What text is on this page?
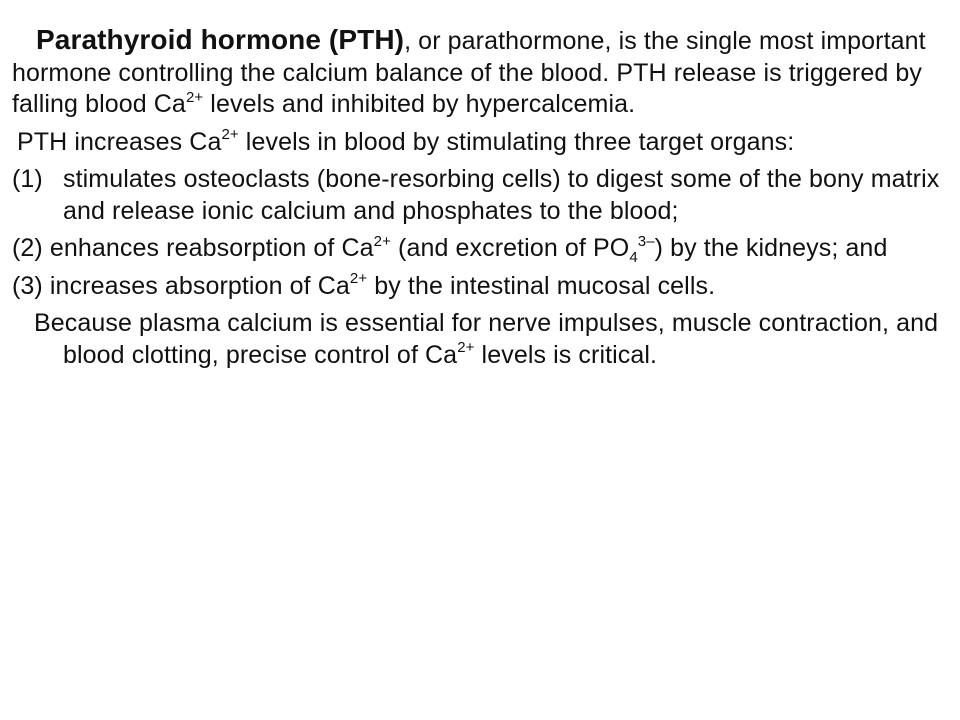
Parathyroid hormone (PTH), or parathormone, is the single most important hormone controlling the calcium balance of the blood. PTH release is triggered by falling blood $Ca^{2+}$ levels and inhibited by hypercalcemia.

PTH increases $Ca^{2+}$ levels in blood by stimulating three target organs:

(1) stimulates osteoclasts (bone-resorbing cells) to digest some of the bony matrix and release ionic calcium and phosphates to the blood;

(2) enhances reabsorption of $Ca^{2+}$ (and excretion of $PO_4^{3-}$) by the kidneys; and

(3) increases absorption of $Ca^{2+}$ by the intestinal mucosal cells.

Because plasma calcium is essential for nerve impulses, muscle contraction, and blood clotting, precise control of $Ca^{2+}$ levels is critical.
